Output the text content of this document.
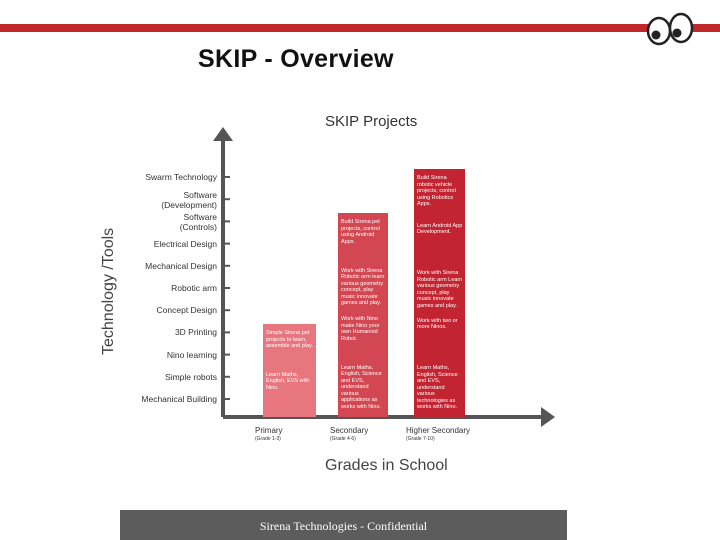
SKIP - Overview
SKIP Projects
Technology /Tools
Grades in School
Swarm Technology
Software
(Development)
Software
(Controls)
Electrical Design
Mechanical Design
Robotic arm
Concept Design
3D Printing
Nino learning
Simple robots
Mechanical Building
Simple Sirena pet projects to learn, assemble and play.
Learn Maths, English, EVS with Nino.
Primary
(Grade 1-3)
Build Sirena pet projects, control using Android Apps.
Work with Sirena Robotic arm learn various geometry concept, play music innovate games and play.
Work with Nino make Nino your own Humanoid Robot.
Learn Maths, English, Science and EVS, understand various applications as works with Nino.
Secondary
(Grade 4-6)
Build Sirena robotic vehicle projects, control using Robotics Apps.
Learn Android App Development.
Work with Sirena Robotic arm Learn various geometry concept, play music innovate games and play.
Work with two or more Ninos.
Learn Maths, English, Science and EVS, understand various technologies as works with Nino.
Higher Secondary
(Grade 7-10)
Sirena Technologies - Confidential
